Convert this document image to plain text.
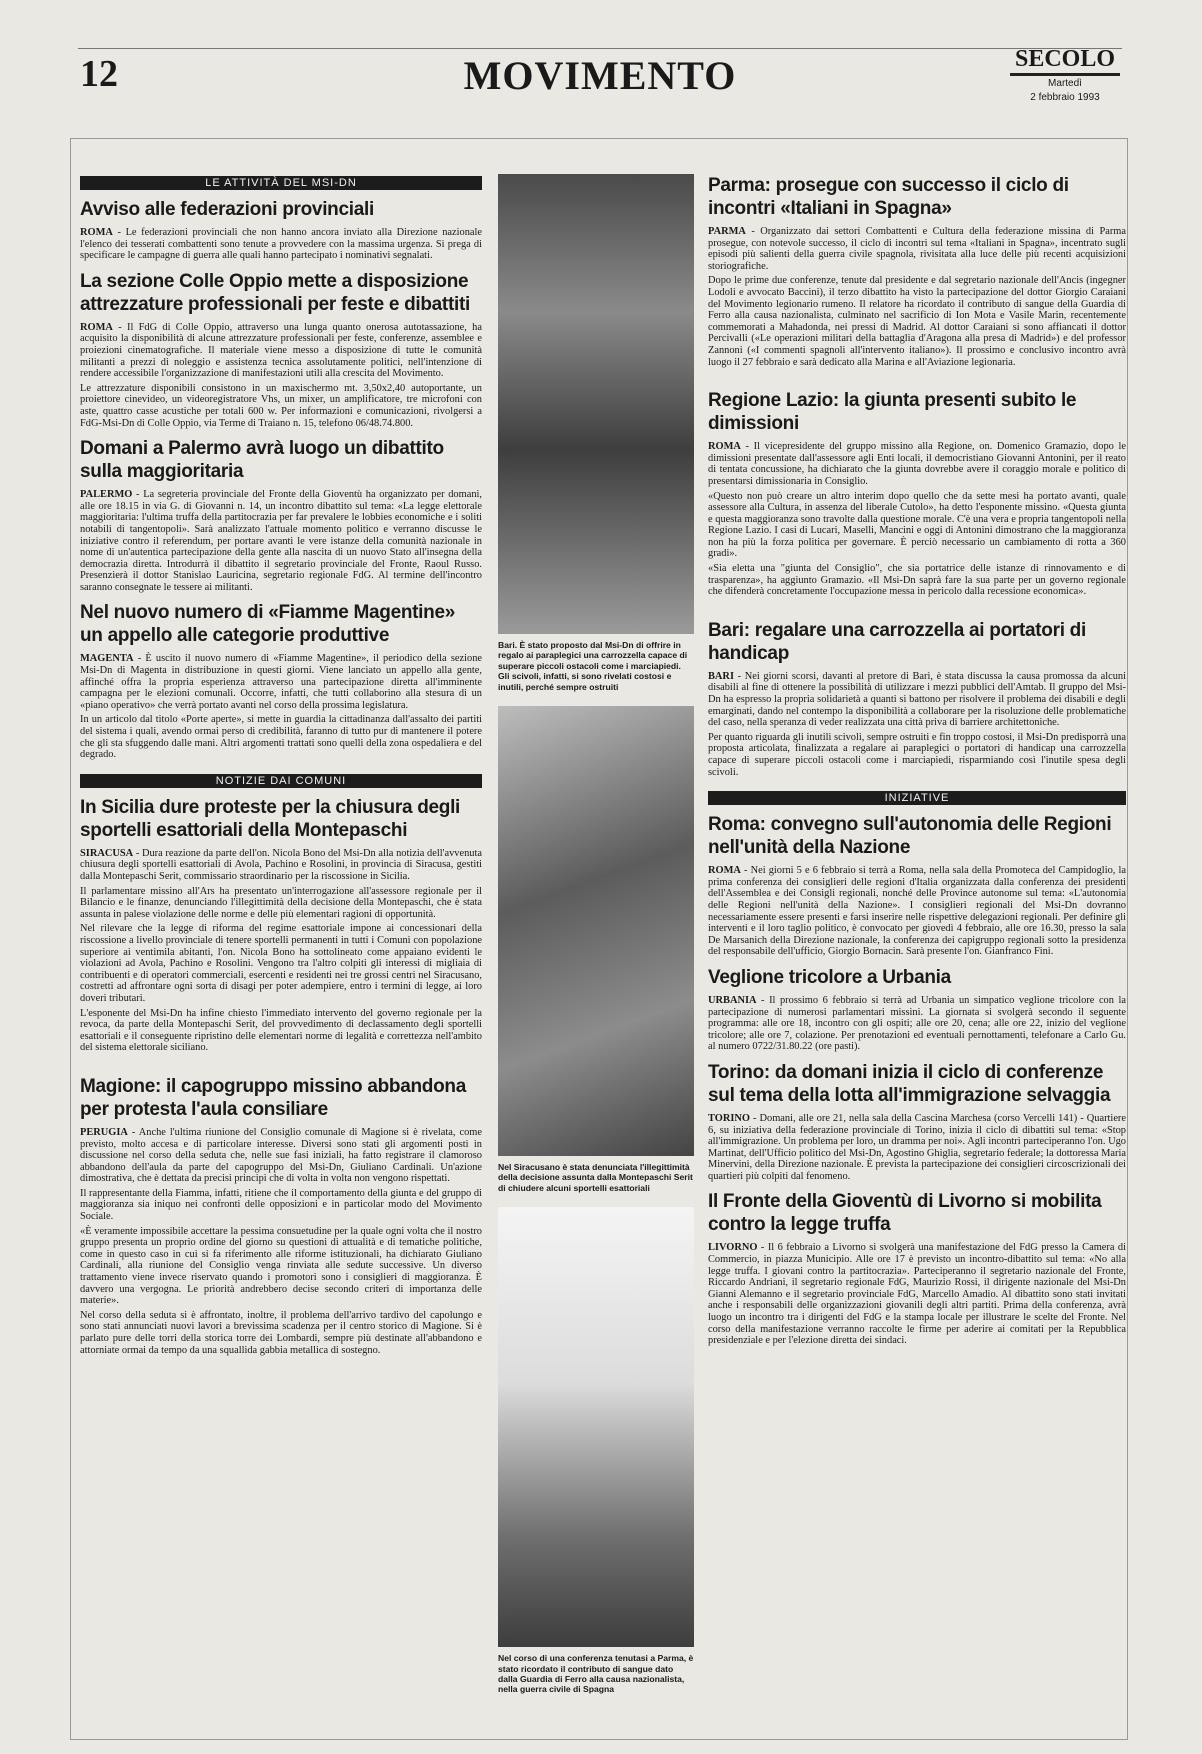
12	MOVIMENTO	SECOLO
Martedì
2 febbraio 1993
LE ATTIVITÀ DEL MSI-DN
Avviso alle federazioni provinciali

ROMA - Le federazioni provinciali che non hanno ancora inviato alla Direzione nazionale l'elenco dei tesserati combattenti sono tenute a provvedere con la massima urgenza. Si prega di specificare le campagne di guerra alle quali hanno partecipato i nominativi segnalati.

La sezione Colle Oppio mette a disposizione attrezzature professionali per feste e dibattiti

ROMA - Il FdG di Colle Oppio, attraverso una lunga quanto onerosa autotassazione, ha acquisito la disponibilità di alcune attrezzature professionali per feste, conferenze, assemblee e proiezioni cinematografiche. Il materiale viene messo a disposizione di tutte le comunità militanti a prezzi di noleggio e assistenza tecnica assolutamente politici, nell'intenzione di rendere accessibile l'organizzazione di manifestazioni utili alla crescita del Movimento.

Le attrezzature disponibili consistono in un maxischermo mt. 3,50x2,40 autoportante, un proiettore cinevideo, un videoregistratore Vhs, un mixer, un amplificatore, tre microfoni con aste, quattro casse acustiche per totali 600 w. Per informazioni e comunicazioni, rivolgersi a FdG-Msi-Dn di Colle Oppio, via Terme di Traiano n. 15, telefono 06/48.74.800.

Domani a Palermo avrà luogo un dibattito sulla maggioritaria

PALERMO - La segreteria provinciale del Fronte della Gioventù ha organizzato per domani, alle ore 18.15 in via G. di Giovanni n. 14, un incontro dibattito sul tema: «La legge elettorale maggioritaria: l'ultima truffa della partitocrazia per far prevalere le lobbies economiche e i soliti notabili di tangentopoli». Sarà analizzato l'attuale momento politico e verranno discusse le iniziative contro il referendum, per portare avanti le vere istanze della comunità nazionale in nome di un'autentica partecipazione della gente alla nascita di un nuovo Stato all'insegna della democrazia diretta. Introdurrà il dibattito il segretario provinciale del Fronte, Raoul Russo. Presenzierà il dottor Stanislao Lauricina, segretario regionale FdG. Al termine dell'incontro saranno consegnate le tessere ai militanti.

Nel nuovo numero di «Fiamme Magentine» un appello alle categorie produttive

MAGENTA - È uscito il nuovo numero di «Fiamme Magentine», il periodico della sezione Msi-Dn di Magenta in distribuzione in questi giorni. Viene lanciato un appello alla gente, affinché offra la propria esperienza attraverso una partecipazione diretta all'imminente campagna per le elezioni comunali. Occorre, infatti, che tutti collaborino alla stesura di un «piano operativo» che verrà portato avanti nel corso della prossima legislatura.

In un articolo dal titolo «Porte aperte», si mette in guardia la cittadinanza dall'assalto dei partiti del sistema i quali, avendo ormai perso di credibilità, faranno di tutto pur di mantenere il potere che gli sta sfuggendo dalle mani. Altri argomenti trattati sono quelli della zona ospedaliera e del degrado.

NOTIZIE DAI COMUNI
In Sicilia dure proteste per la chiusura degli sportelli esattoriali della Montepaschi

SIRACUSA - Dura reazione da parte dell'on. Nicola Bono del Msi-Dn alla notizia dell'avvenuta chiusura degli sportelli esattoriali di Avola, Pachino e Rosolini, in provincia di Siracusa, gestiti dalla Montepaschi Serit, commissario straordinario per la riscossione in Sicilia.

Il parlamentare missino all'Ars ha presentato un'interrogazione all'assessore regionale per il Bilancio e le finanze, denunciando l'illegittimità della decisione della Montepaschi, che è stata assunta in palese violazione delle norme e delle più elementari ragioni di opportunità.

Nel rilevare che la legge di riforma del regime esattoriale impone ai concessionari della riscossione a livello provinciale di tenere sportelli permanenti in tutti i Comuni con popolazione superiore ai ventimila abitanti, l'on. Nicola Bono ha sottolineato come appaiano evidenti le violazioni ad Avola, Pachino e Rosolini. Vengono tra l'altro colpiti gli interessi di migliaia di contribuenti e di operatori commerciali, esercenti e residenti nei tre grossi centri nel Siracusano, costretti ad affrontare ogni sorta di disagi per poter adempiere, entro i termini di legge, ai loro doveri tributari.

L'esponente del Msi-Dn ha infine chiesto l'immediato intervento del governo regionale per la revoca, da parte della Montepaschi Serit, del provvedimento di declassamento degli sportelli esattoriali e il conseguente ripristino delle elementari norme di legalità e correttezza nell'ambito del sistema elettorale siciliano.

Magione: il capogruppo missino abbandona per protesta l'aula consiliare

PERUGIA - Anche l'ultima riunione del Consiglio comunale di Magione si è rivelata, come previsto, molto accesa e di particolare interesse. Diversi sono stati gli argomenti posti in discussione nel corso della seduta che, nelle sue fasi iniziali, ha fatto registrare il clamoroso abbandono dell'aula da parte del capogruppo del Msi-Dn, Giuliano Cardinali. Un'azione dimostrativa, che è dettata da precisi principi che di volta in volta non vengono rispettati.

Il rappresentante della Fiamma, infatti, ritiene che il comportamento della giunta e del gruppo di maggioranza sia iniquo nei confronti delle opposizioni e in particolar modo del Movimento Sociale.

«È veramente impossibile accettare la pessima consuetudine per la quale ogni volta che il nostro gruppo presenta un proprio ordine del giorno su questioni di attualità e di tematiche politiche, come in questo caso in cui si fa riferimento alle riforme istituzionali, ha dichiarato Giuliano Cardinali, alla riunione del Consiglio venga rinviata alle sedute successive. Un diverso trattamento viene invece riservato quando i promotori sono i consiglieri di maggioranza. È davvero una vergogna. Le priorità andrebbero decise secondo criteri di importanza delle materie».

Nel corso della seduta si è affrontato, inoltre, il problema dell'arrivo tardivo del capolungo e sono stati annunciati nuovi lavori a brevissima scadenza per il centro storico di Magione. Si è parlato pure delle torri della storica torre dei Lombardi, sempre più destinate all'abbandono e attorniate ormai da tempo da una squallida gabbia metallica di sostegno.

Bari. È stato proposto dal Msi-Dn di offrire in regalo ai paraplegici una carrozzella capace di superare piccoli ostacoli come i marciapiedi. Gli scivoli, infatti, si sono rivelati costosi e inutili, perché sempre ostruiti
Nel Siracusano è stata denunciata l'illegittimità della decisione assunta dalla Montepaschi Serit di chiudere alcuni sportelli esattoriali
Nel corso di una conferenza tenutasi a Parma, è stato ricordato il contributo di sangue dato dalla Guardia di Ferro alla causa nazionalista, nella guerra civile di Spagna
Parma: prosegue con successo il ciclo di incontri «Italiani in Spagna»

PARMA - Organizzato dai settori Combattenti e Cultura della federazione missina di Parma prosegue, con notevole successo, il ciclo di incontri sul tema «Italiani in Spagna», incentrato sugli episodi più salienti della guerra civile spagnola, rivisitata alla luce delle più recenti acquisizioni storiografiche.

Dopo le prime due conferenze, tenute dal presidente e dal segretario nazionale dell'Ancis (ingegner Lodoli e avvocato Baccini), il terzo dibattito ha visto la partecipazione del dottor Giorgio Caraiani del Movimento legionario rumeno. Il relatore ha ricordato il contributo di sangue della Guardia di Ferro alla causa nazionalista, culminato nel sacrificio di Ion Mota e Vasile Marin, recentemente commemorati a Mahadonda, nei pressi di Madrid. Al dottor Caraiani si sono affiancati il dottor Percivalli («Le operazioni militari della battaglia d'Aragona alla presa di Madrid») e del professor Zannoni («I commenti spagnoli all'intervento italiano»). Il prossimo e conclusivo incontro avrà luogo il 27 febbraio e sarà dedicato alla Marina e all'Aviazione legionaria.

Regione Lazio: la giunta presenti subito le dimissioni

ROMA - Il vicepresidente del gruppo missino alla Regione, on. Domenico Gramazio, dopo le dimissioni presentate dall'assessore agli Enti locali, il democristiano Giovanni Antonini, per il reato di tentata concussione, ha dichiarato che la giunta dovrebbe avere il coraggio morale e politico di presentarsi dimissionaria in Consiglio.

«Questo non può creare un altro interim dopo quello che da sette mesi ha portato avanti, quale assessore alla Cultura, in assenza del liberale Cutolo», ha detto l'esponente missino. «Questa giunta e questa maggioranza sono travolte dalla questione morale. C'è una vera e propria tangentopoli nella Regione Lazio. I casi di Lucari, Maselli, Mancini e oggi di Antonini dimostrano che la maggioranza non ha più la forza politica per governare. È perciò necessario un cambiamento di rotta a 360 gradi».

«Sia eletta una "giunta del Consiglio", che sia portatrice delle istanze di rinnovamento e di trasparenza», ha aggiunto Gramazio. «Il Msi-Dn saprà fare la sua parte per un governo regionale che difenderà concretamente l'occupazione messa in pericolo dalla recessione economica».

Bari: regalare una carrozzella ai portatori di handicap

BARI - Nei giorni scorsi, davanti al pretore di Bari, è stata discussa la causa promossa da alcuni disabili al fine di ottenere la possibilità di utilizzare i mezzi pubblici dell'Amtab. Il gruppo del Msi-Dn ha espresso la propria solidarietà a quanti si battono per risolvere il problema dei disabili e degli emarginati, dando nel contempo la disponibilità a collaborare per la risoluzione delle problematiche del caso, nella speranza di veder realizzata una città priva di barriere architettoniche.

Per quanto riguarda gli inutili scivoli, sempre ostruiti e fin troppo costosi, il Msi-Dn predisporrà una proposta articolata, finalizzata a regalare ai paraplegici o portatori di handicap una carrozzella capace di superare piccoli ostacoli come i marciapiedi, risparmiando così l'inutile spesa degli scivoli.

INIZIATIVE
Roma: convegno sull'autonomia delle Regioni nell'unità della Nazione

ROMA - Nei giorni 5 e 6 febbraio si terrà a Roma, nella sala della Promoteca del Campidoglio, la prima conferenza dei consiglieri delle regioni d'Italia organizzata dalla conferenza dei presidenti dell'Assemblea e dei Consigli regionali, nonché delle Province autonome sul tema: «L'autonomia delle Regioni nell'unità della Nazione». I consiglieri regionali del Msi-Dn dovranno necessariamente essere presenti e farsi inserire nelle rispettive delegazioni regionali. Per definire gli interventi e il loro taglio politico, è convocato per giovedì 4 febbraio, alle ore 16.30, presso la sala De Marsanich della Direzione nazionale, la conferenza dei capigruppo regionali sotto la presidenza del responsabile dell'ufficio, Giorgio Bornacin. Sarà presente l'on. Gianfranco Fini.

Veglione tricolore a Urbania

URBANIA - Il prossimo 6 febbraio si terrà ad Urbania un simpatico veglione tricolore con la partecipazione di numerosi parlamentari missini. La giornata si svolgerà secondo il seguente programma: alle ore 18, incontro con gli ospiti; alle ore 20, cena; alle ore 22, inizio del veglione tricolore; alle ore 7, colazione. Per prenotazioni ed eventuali pernottamenti, telefonare a Carlo Gu. al numero 0722/31.80.22 (ore pasti).

Torino: da domani inizia il ciclo di conferenze sul tema della lotta all'immigrazione selvaggia

TORINO - Domani, alle ore 21, nella sala della Cascina Marchesa (corso Vercelli 141) - Quartiere 6, su iniziativa della federazione provinciale di Torino, inizia il ciclo di dibattiti sul tema: «Stop all'immigrazione. Un problema per loro, un dramma per noi». Agli incontri parteciperanno l'on. Ugo Martinat, dell'Ufficio politico del Msi-Dn, Agostino Ghiglia, segretario federale; la dottoressa Maria Minervini, della Direzione nazionale. È prevista la partecipazione dei consiglieri circoscrizionali dei quartieri più colpiti dal fenomeno.

Il Fronte della Gioventù di Livorno si mobilita contro la legge truffa

LIVORNO - Il 6 febbraio a Livorno si svolgerà una manifestazione del FdG presso la Camera di Commercio, in piazza Municipio. Alle ore 17 è previsto un incontro-dibattito sul tema: «No alla legge truffa. I giovani contro la partitocrazia». Parteciperanno il segretario nazionale del Fronte, Riccardo Andriani, il segretario regionale FdG, Maurizio Rossi, il dirigente nazionale del Msi-Dn Gianni Alemanno e il segretario provinciale FdG, Marcello Amadio. Al dibattito sono stati invitati anche i responsabili delle organizzazioni giovanili degli altri partiti. Prima della conferenza, avrà luogo un incontro tra i dirigenti del FdG e la stampa locale per illustrare le scelte del Fronte. Nel corso della manifestazione verranno raccolte le firme per aderire ai comitati per la Repubblica presidenziale e per l'elezione diretta dei sindaci.
